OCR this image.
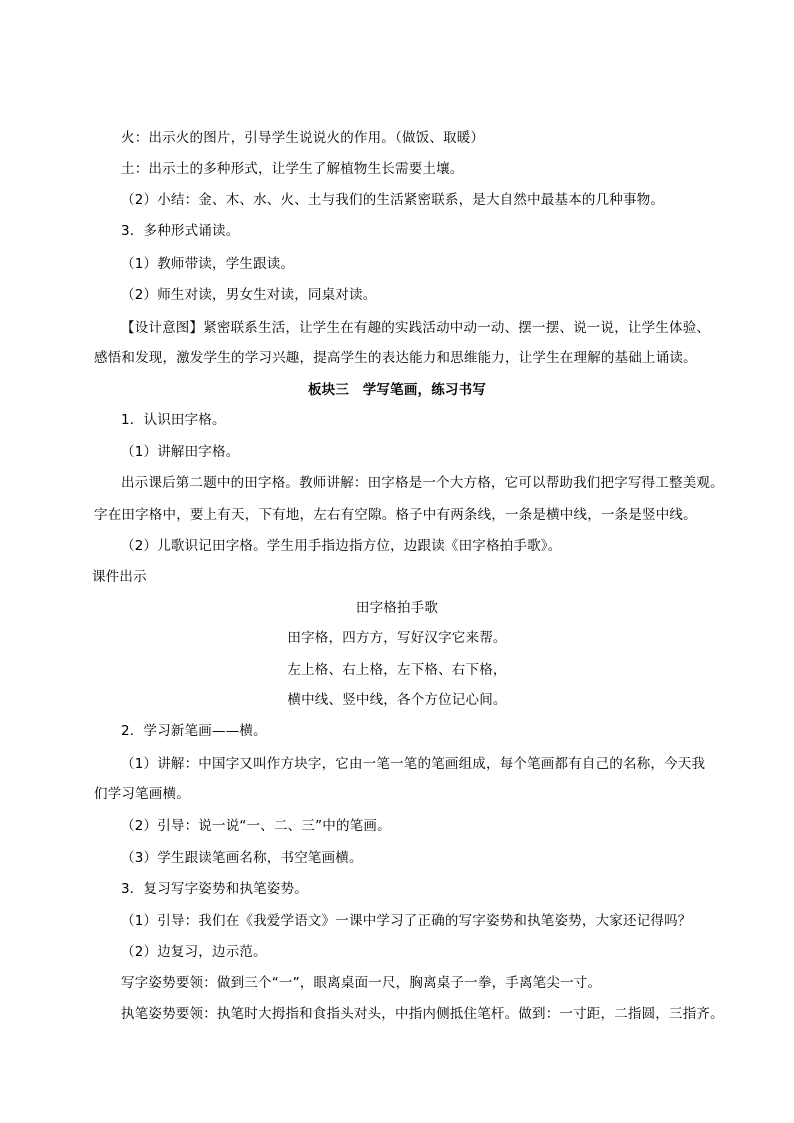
火：出示火的图片，引导学生说说火的作用。（做饭、取暖）
土：出示土的多种形式，让学生了解植物生长需要土壤。
（2）小结：金、木、水、火、土与我们的生活紧密联系，是大自然中最基本的几种事物。
3．多种形式诵读。
（1）教师带读，学生跟读。
（2）师生对读，男女生对读，同桌对读。
【设计意图】紧密联系生活，让学生在有趣的实践活动中动一动、摆一摆、说一说，让学生体验、
感悟和发现，激发学生的学习兴趣，提高学生的表达能力和思维能力，让学生在理解的基础上诵读。
板块三　学写笔画，练习书写
1．认识田字格。
（1）讲解田字格。
出示课后第二题中的田字格。教师讲解：田字格是一个大方格，它可以帮助我们把字写得工整美观。
字在田字格中，要上有天，下有地，左右有空隙。格子中有两条线，一条是横中线，一条是竖中线。
（2）儿歌识记田字格。学生用手指边指方位，边跟读《田字格拍手歌》。
课件出示
田字格拍手歌
田字格，四方方，写好汉字它来帮。
左上格、右上格，左下格、右下格，
横中线、竖中线，各个方位记心间。
2．学习新笔画——横。
（1）讲解：中国字又叫作方块字，它由一笔一笔的笔画组成，每个笔画都有自己的名称，今天我
们学习笔画横。
（2）引导：说一说“一、二、三”中的笔画。
（3）学生跟读笔画名称，书空笔画横。
3．复习写字姿势和执笔姿势。
（1）引导：我们在《我爱学语文》一课中学习了正确的写字姿势和执笔姿势，大家还记得吗？
（2）边复习，边示范。
写字姿势要领：做到三个“一”，眼离桌面一尺，胸离桌子一拳，手离笔尖一寸。
执笔姿势要领：执笔时大拇指和食指头对头，中指内侧抵住笔杆。做到：一寸距，二指圆，三指齐。
